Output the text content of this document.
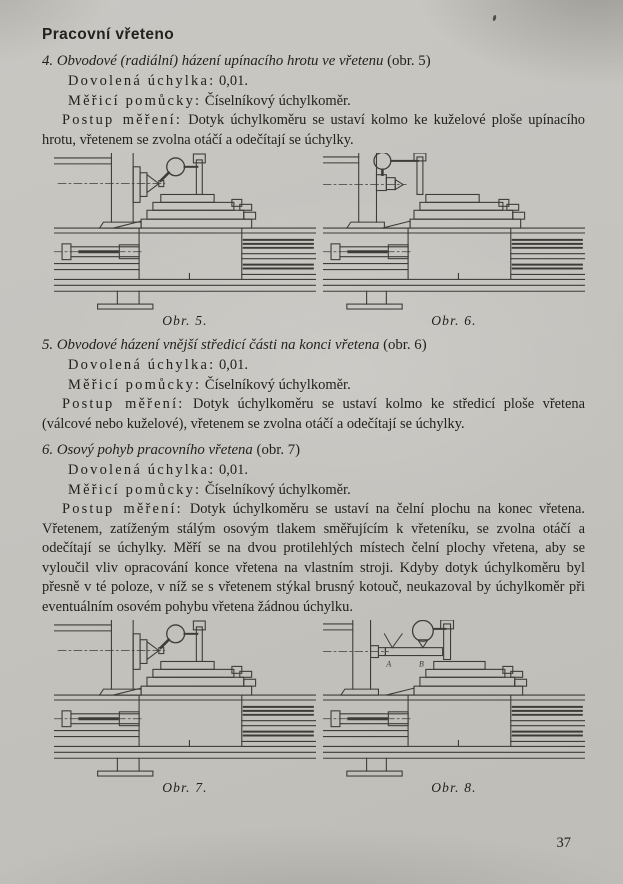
Pracovní vřeteno

4. Obvodové (radiální) házení upínacího hrotu ve vřetenu (obr. 5)

Dovolená úchylka: 0,01.

Měřicí pomůcky: Číselníkový úchylkoměr.

Postup měření: Dotyk úchylkoměru se ustaví kolmo ke kuželové ploše upínacího hrotu, vřetenem se zvolna otáčí a odečítají se úchylky.

Obr. 5.	Obr. 6.

5. Obvodové házení vnější středicí části na konci vřetena (obr. 6)

Dovolená úchylka: 0,01.

Měřicí pomůcky: Číselníkový úchylkoměr.

Postup měření: Dotyk úchylkoměru se ustaví kolmo ke středicí ploše vřetena (válcové nebo kuželové), vřetenem se zvolna otáčí a odečítají se úchylky.

6. Osový pohyb pracovního vřetena (obr. 7)

Dovolená úchylka: 0,01.

Měřicí pomůcky: Číselníkový úchylkoměr.

Postup měření: Dotyk úchylkoměru se ustaví na čelní plochu na konec vřetena. Vřetenem, zatíženým stálým osovým tlakem směřujícím k vřeteníku, se zvolna otáčí a odečítají se úchylky. Měří se na dvou protilehlých místech čelní plochy vřetena, aby se vyloučil vliv opracování konce vřetena na vlastním stroji. Kdyby dotyk úchylkoměru byl přesně v té poloze, v níž se s vřetenem stýkal brusný kotouč, neukazoval by úchylkoměr při eventuálním osovém pohybu vřetena žádnou úchylku.

Obr. 7.
A	B
Obr. 8.
37
